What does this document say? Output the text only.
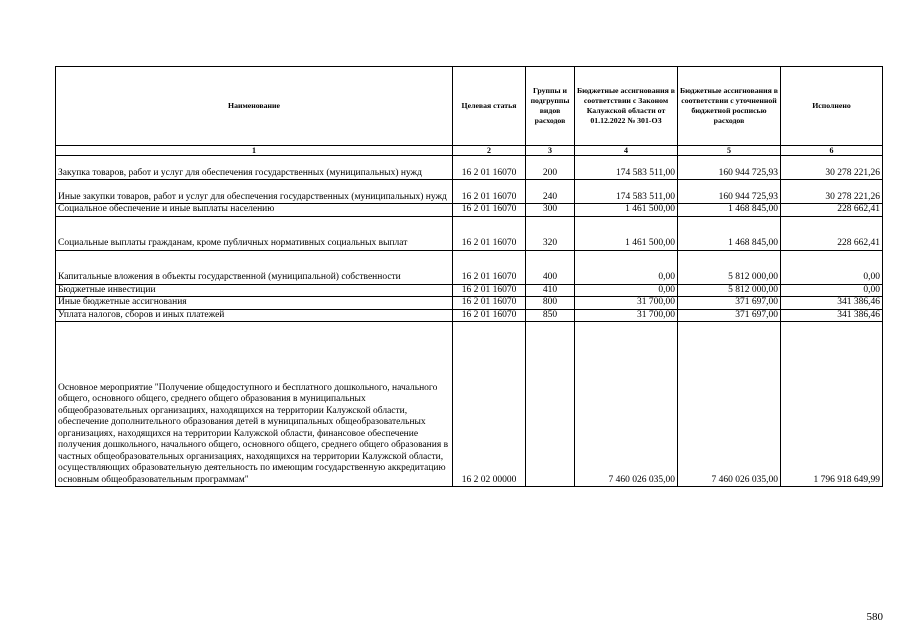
Наименование	Целевая статья	Группы и подгруппы видов расходов	Бюджетные ассигнования в соответствии с Законом Калужской области от 01.12.2022 № 301-ОЗ	Бюджетные ассигнования в соответствии с уточненной бюджетной росписью расходов	Исполнено
1	2	3	4	5	6
Закупка товаров, работ и услуг для обеспечения государственных (муниципальных) нужд	16 2 01 16070	200	174 583 511,00	160 944 725,93	30 278 221,26
Иные закупки товаров, работ и услуг для обеспечения государственных (муниципальных) нужд	16 2 01 16070	240	174 583 511,00	160 944 725,93	30 278 221,26
Социальное обеспечение и иные выплаты населению	16 2 01 16070	300	1 461 500,00	1 468 845,00	228 662,41
Социальные выплаты гражданам, кроме публичных нормативных социальных выплат	16 2 01 16070	320	1 461 500,00	1 468 845,00	228 662,41
Капитальные вложения в объекты государственной (муниципальной) собственности	16 2 01 16070	400	0,00	5 812 000,00	0,00
Бюджетные инвестиции	16 2 01 16070	410	0,00	5 812 000,00	0,00
Иные бюджетные ассигнования	16 2 01 16070	800	31 700,00	371 697,00	341 386,46
Уплата налогов, сборов и иных платежей	16 2 01 16070	850	31 700,00	371 697,00	341 386,46
Основное мероприятие "Получение общедоступного и бесплатного дошкольного, начального общего, основного общего, среднего общего образования в муниципальных общеобразовательных организациях, находящихся на территории Калужской области, обеспечение дополнительного образования детей в муниципальных общеобразовательных организациях, находящихся на территории Калужской области, финансовое обеспечение получения дошкольного, начального общего, основного общего, среднего общего образования в частных общеобразовательных организациях, находящихся на территории Калужской области, осуществляющих образовательную деятельность по имеющим государственную аккредитацию основным общеобразовательным программам"	16 2 02 00000		7 460 026 035,00	7 460 026 035,00	1 796 918 649,99
580
